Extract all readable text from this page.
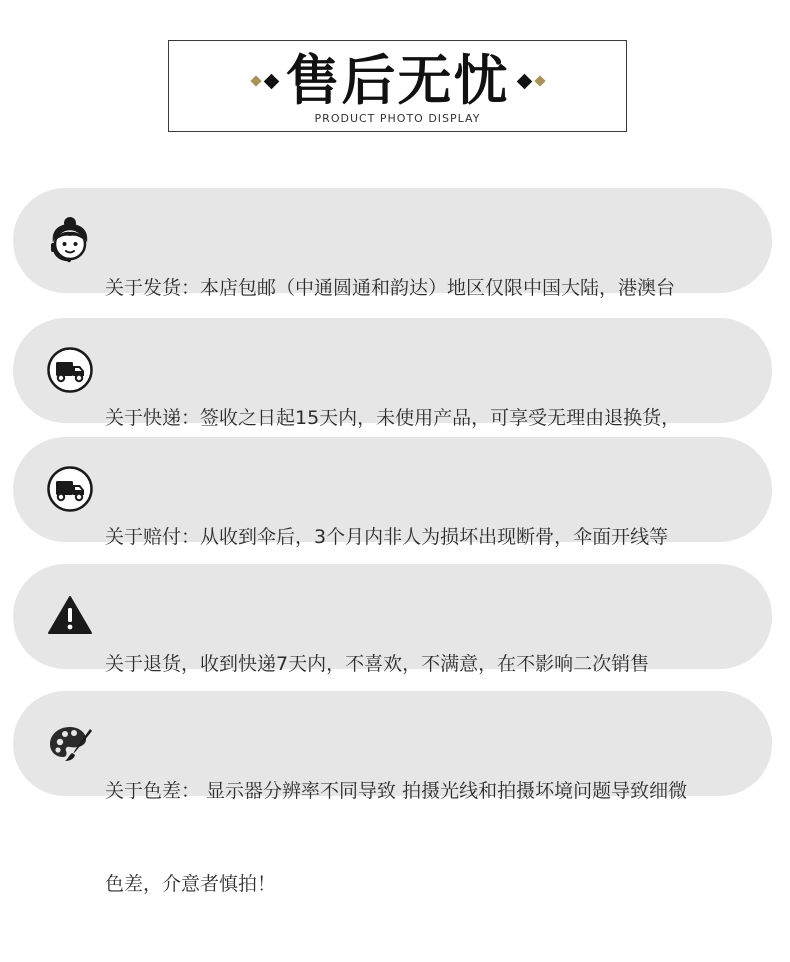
售后无忧
PRODUCT PHOTO DISPLAY

关于发货：本店包邮（中通圆通和韵达）地区仅限中国大陆，港澳台

关于快递：签收之日起15天内，未使用产品，可享受无理由退换货，

关于赔付：从收到伞后，3个月内非人为损坏出现断骨，伞面开线等

关于退货，收到快递7天内，不喜欢，不满意，在不影响二次销售

关于色差： 显示器分辨率不同导致 拍摄光线和拍摄坏境问题导致细微

色差，介意者慎拍！
